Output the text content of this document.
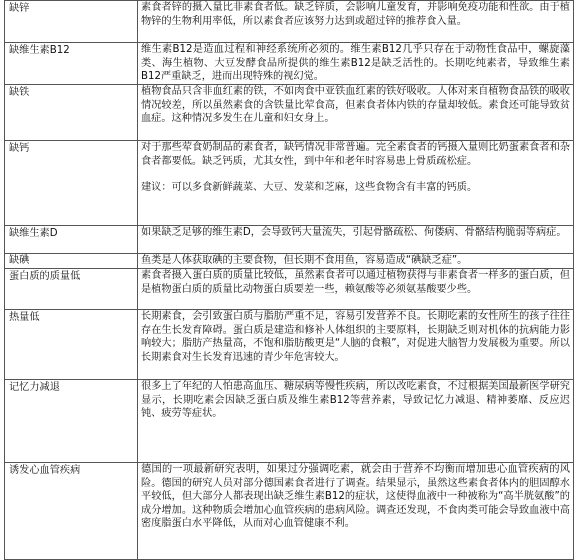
缺锌	素食者锌的摄入量比非素食者低。缺乏锌质，会影响儿童发育，并影响免疫功能和性欲。由于植物锌的生物利用率低，所以素食者应该努力达到或超过锌的推荐食入量。

缺维生素B12	维生素B12是造血过程和神经系统所必须的。维生素B12几乎只存在于动物性食品中，螺旋藻类、海生植物、大豆发酵食品所提供的维生素B12是缺乏活性的。长期吃纯素者，导致维生素B12严重缺乏，进而出现特殊的视幻觉。

缺铁	植物食品只含非血红素的铁，不如肉食中亚铁血红素的铁好吸收。人体对来自植物食品铁的吸收情况较差，所以虽然素食的含铁量比荤食高，但素食者体内铁的存量却较低。素食还可能导致贫血症。这种情况多发生在儿童和妇女身上。

缺钙	对于那些荤食奶制品的素食者，缺钙情况非常普遍。完全素食者的钙摄入量则比奶蛋素食者和杂食者都要低。缺乏钙质，尤其女性，到中年和老年时容易患上骨质疏松症。
建议：可以多食新鲜蔬菜、大豆、发菜和芝麻，这些食物含有丰富的钙质。

缺维生素D	如果缺乏足够的维生素D，会导致钙大量流失，引起骨骼疏松、佝偻病、骨骼结构脆弱等病症。
缺碘	鱼类是人体获取碘的主要食物，但长期不食用鱼，容易造成“碘缺乏症”。

蛋白质的质量低	素食者摄入蛋白质的质量比较低，虽然素食者可以通过植物获得与非素食者一样多的蛋白质，但是植物蛋白质的质量比动物蛋白质要差一些，赖氨酸等必须氨基酸要少些。

热量低	长期素食，会引致蛋白质与脂肪严重不足，容易引发营养不良。长期吃素的女性所生的孩子往往存在生长发育障碍。蛋白质是建造和修补人体组织的主要原料，长期缺乏则对机体的抗病能力影响较大；脂肪产热量高，不饱和脂肪酸更是“人脑的食粮”，对促进大脑智力发展极为重要。所以长期素食对生长发育迅速的青少年危害较大。

记忆力减退	很多上了年纪的人怕患高血压、糖尿病等慢性疾病，所以改吃素食，不过根据美国最新医学研究显示，长期吃素会因缺乏蛋白质及维生素B12等营养素，导致记忆力减退、精神萎靡、反应迟钝、疲劳等症状。

诱发心血管疾病	德国的一项最新研究表明，如果过分强调吃素，就会由于营养不均衡而增加患心血管疾病的风险。德国的研究人员对部分德国素食者进行了调查。结果显示，虽然这些素食者体内的胆固醇水平较低，但大部分人都表现出缺乏维生素B12的症状，这使得血液中一种被称为“高半胱氨酸”的成分增加。这种物质会增加心血管疾病的患病风险。调查还发现，不食肉类可能会导致血液中高密度脂蛋白水平降低，从而对心血管健康不利。
